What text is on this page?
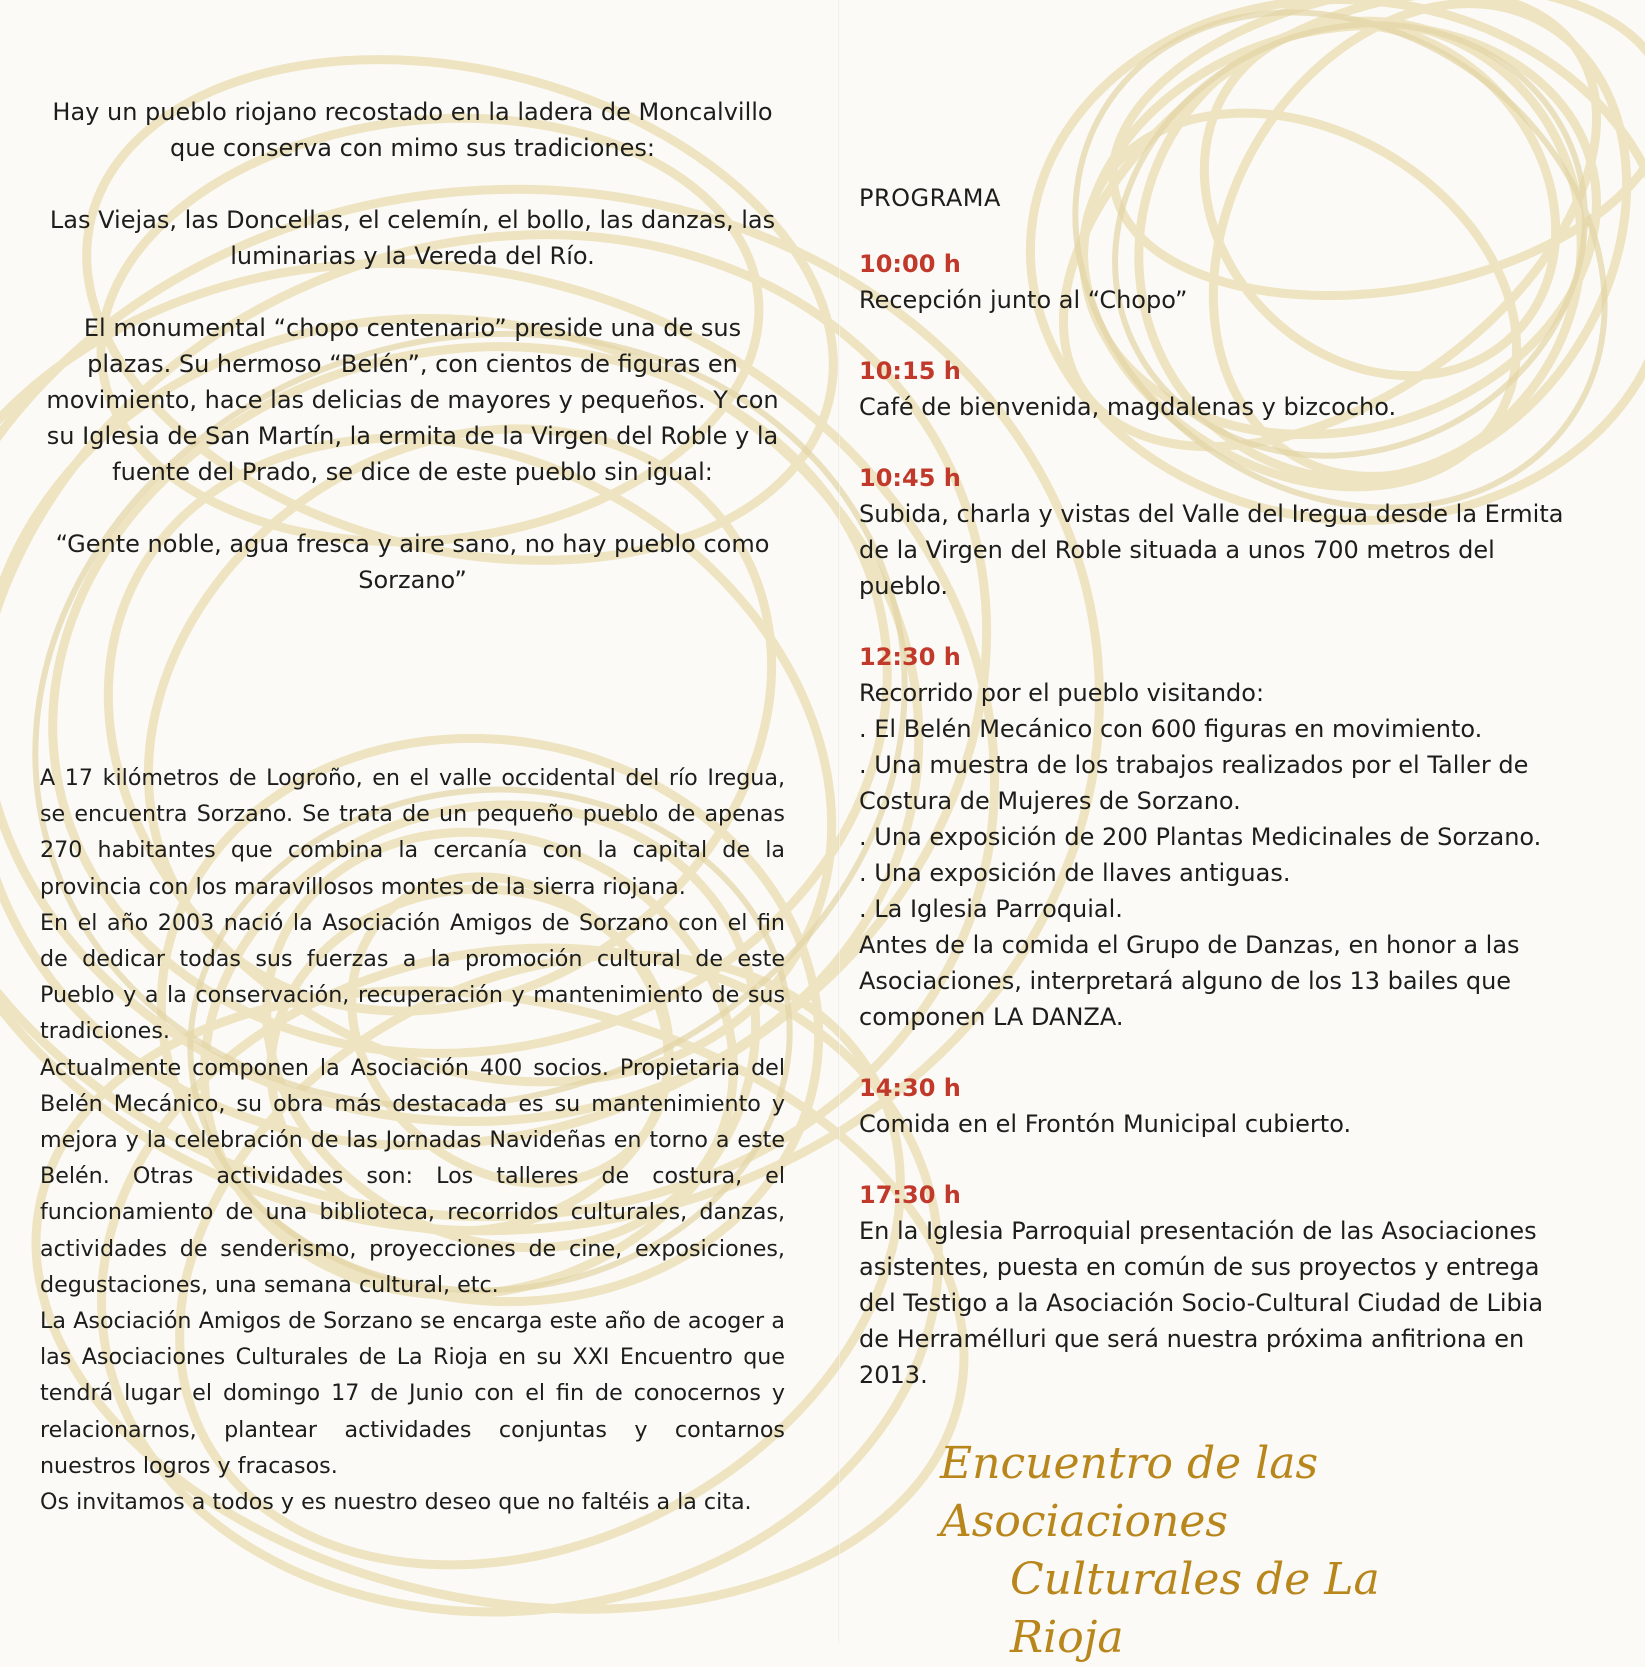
Hay un pueblo riojano recostado en la ladera de Moncalvillo que conserva con mimo sus tradiciones:

Las Viejas, las Doncellas, el celemín, el bollo, las danzas, las luminarias y la Vereda del Río.

El monumental “chopo centenario” preside una de sus plazas. Su hermoso “Belén”, con cientos de figuras en movimiento, hace las delicias de mayores y pequeños. Y con su Iglesia de San Martín, la ermita de la Virgen del Roble y la fuente del Prado, se dice de este pueblo sin igual:

“Gente noble, agua fresca y aire sano, no hay pueblo como Sorzano”

A 17 kilómetros de Logroño, en el valle occidental del río Iregua, se encuentra Sorzano. Se trata de un pequeño pueblo de apenas 270 habitantes que combina la cercanía con la capital de la provincia con los maravillosos montes de la sierra riojana.

En el año 2003 nació la Asociación Amigos de Sorzano con el fin de dedicar todas sus fuerzas a la promoción cultural de este Pueblo y a la conservación, recuperación y mantenimiento de sus tradiciones.

Actualmente componen la Asociación 400 socios. Propietaria del Belén Mecánico, su obra más destacada es su mantenimiento y mejora y la celebración de las Jornadas Navideñas en torno a este Belén. Otras actividades son: Los talleres de costura, el funcionamiento de una biblioteca, recorridos culturales, danzas, actividades de senderismo, proyecciones de cine, exposiciones, degustaciones, una semana cultural, etc.

La Asociación Amigos de Sorzano se encarga este año de acoger a las Asociaciones Culturales de La Rioja en su XXI Encuentro que tendrá lugar el domingo 17 de Junio con el fin de conocernos y relacionarnos, plantear actividades conjuntas y contarnos nuestros logros y fracasos.

Os invitamos a todos y es nuestro deseo que no faltéis a la cita.

PROGRAMA
10:00 h

Recepción junto al “Chopo”

10:15 h

Café de bienvenida, magdalenas y bizcocho.

10:45 h

Subida, charla y vistas del Valle del Iregua desde la Ermita de la Virgen del Roble situada a unos 700 metros del pueblo.

12:30 h

Recorrido por el pueblo visitando:

. El Belén Mecánico con 600 figuras en movimiento.
. Una muestra de los trabajos realizados por el Taller de Costura de Mujeres de Sorzano.
. Una exposición de 200 Plantas Medicinales de Sorzano.
. Una exposición de llaves antiguas.
. La Iglesia Parroquial.

Antes de la comida el Grupo de Danzas, en honor a las Asociaciones, interpretará alguno de los 13 bailes que componen LA DANZA.

14:30 h

Comida en el Frontón Municipal cubierto.

17:30 h

En la Iglesia Parroquial presentación de las Asociaciones asistentes, puesta en común de sus proyectos y entrega del Testigo a la Asociación Socio-Cultural Ciudad de Libia de Herramélluri que será nuestra próxima anfitriona en 2013.

Encuentro de las Asociaciones
Culturales de La Rioja
